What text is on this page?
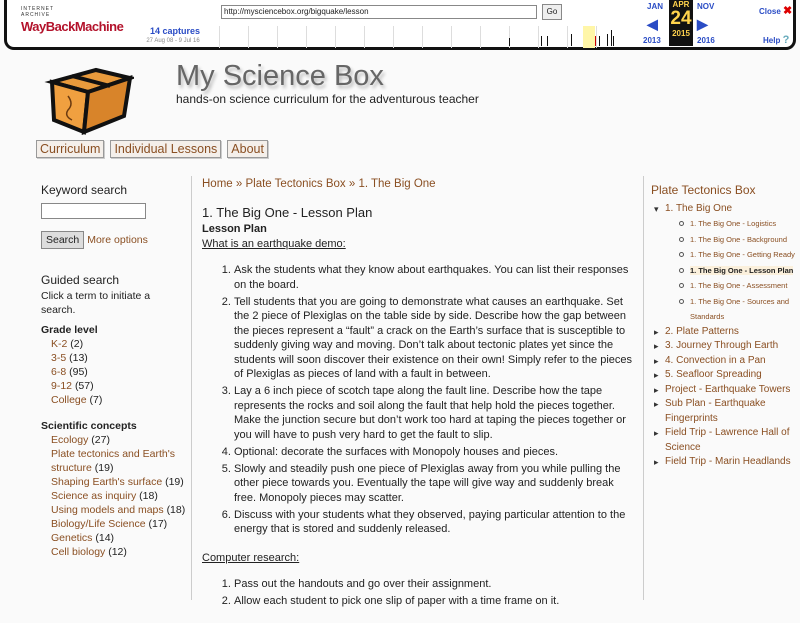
INTERNET ARCHIVE
WayBackMachine
http://mysciencebox.org/bigquake/lesson	Go
14 captures
27 Aug 08 - 9 Jul 16
JAN
◀
2013
APR
24
2015
NOV
▶
2016
Close ✖
Help ?
My Science Box
hands-on science curriculum for the adventurous teacher
Curriculum	Individual Lessons	About
Keyword search
Search More options
Guided search
Click a term to initiate a search.
Grade level
K-2 (2)
3-5 (13)
6-8 (95)
9-12 (57)
College (7)
Scientific concepts
Ecology (27)
Plate tectonics and Earth's structure (19)
Shaping Earth's surface (19)
Science as inquiry (18)
Using models and maps (18)
Biology/Life Science (17)
Genetics (14)
Cell biology (12)
Home » Plate Tectonics Box » 1. The Big One
1. The Big One - Lesson Plan
Lesson Plan
What is an earthquake demo:
1. Ask the students what they know about earthquakes. You can list their responses on the board.
2. Tell students that you are going to demonstrate what causes an earthquake. Set the 2 piece of Plexiglas on the table side by side. Describe how the gap between the pieces represent a “fault” a crack on the Earth’s surface that is susceptible to suddenly giving way and moving. Don’t talk about tectonic plates yet since the students will soon discover their existence on their own! Simply refer to the pieces of Plexiglas as pieces of land with a fault in between.
3. Lay a 6 inch piece of scotch tape along the fault line. Describe how the tape represents the rocks and soil along the fault that help hold the pieces together. Make the junction secure but don’t work too hard at taping the pieces together or you will have to push very hard to get the fault to slip.
4. Optional: decorate the surfaces with Monopoly houses and pieces.
5. Slowly and steadily push one piece of Plexiglas away from you while pulling the other piece towards you. Eventually the tape will give way and suddenly break free. Monopoly pieces may scatter.
6. Discuss with your students what they observed, paying particular attention to the energy that is stored and suddenly released.
Computer research:
1. Pass out the handouts and go over their assignment.
2. Allow each student to pick one slip of paper with a time frame on it.
Plate Tectonics Box
▾ 1. The Big One
1. The Big One - Logistics
1. The Big One - Background
1. The Big One - Getting Ready
1. The Big One - Lesson Plan
1. The Big One - Assessment
1. The Big One - Sources and Standards
▸ 2. Plate Patterns
▸ 3. Journey Through Earth
▸ 4. Convection in a Pan
▸ 5. Seafloor Spreading
▸ Project - Earthquake Towers
▸ Sub Plan - Earthquake Fingerprints
▸ Field Trip - Lawrence Hall of Science
▸ Field Trip - Marin Headlands
